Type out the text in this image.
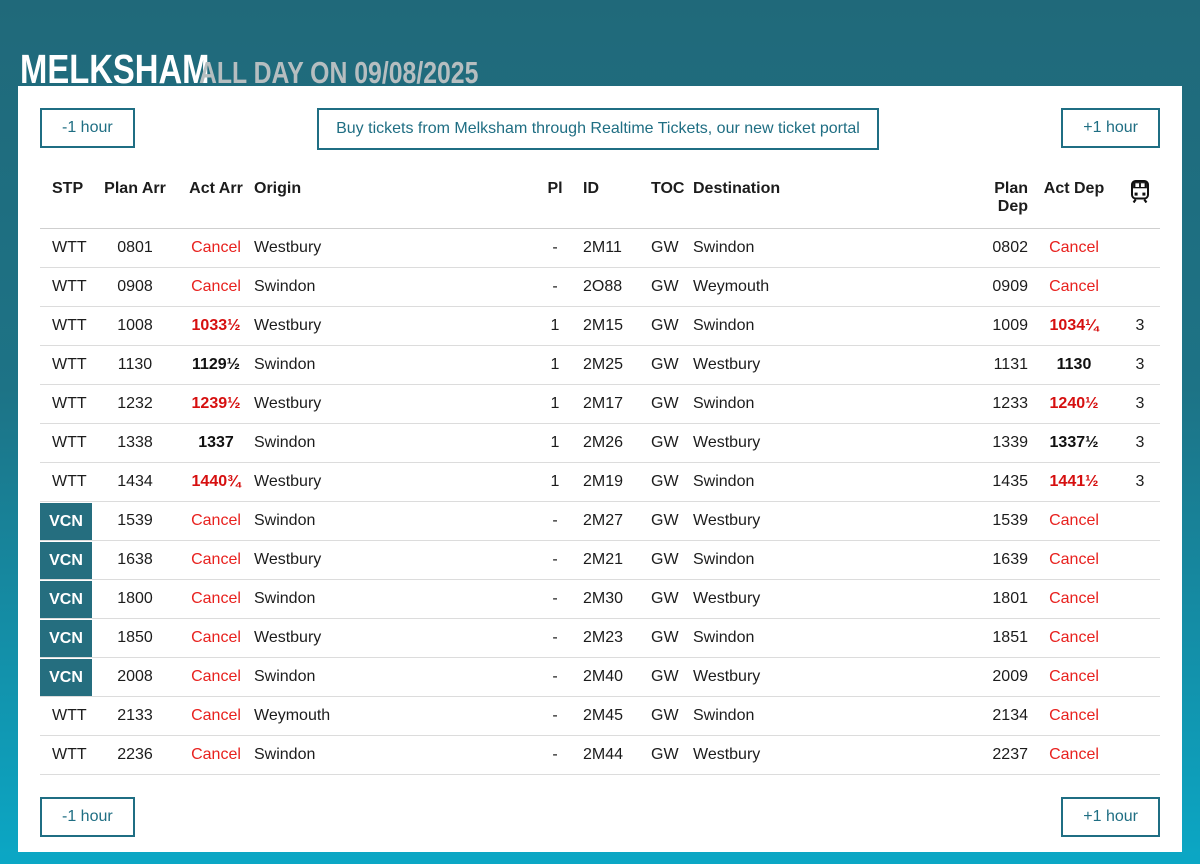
MELKSHAM
ALL DAY ON 09/08/2025
-1 hour	Buy tickets from Melksham through Realtime Tickets, our new ticket portal	+1 hour
STP	Plan Arr	Act Arr Origin	Pl	ID	TOC Destination	Plan
Dep
Act Dep
WTT	0801	Cancel Westbury	-	2M11	GW Swindon	0802	Cancel
WTT	0908	Cancel Swindon	-	2O88	GW Weymouth	0909	Cancel
WTT	1008	1033½ Westbury	1	2M15	GW Swindon	1009	1034¼	3
WTT	1130	1129½ Swindon	1	2M25	GW Westbury	1131	1130	3
WTT	1232	1239½ Westbury	1	2M17	GW Swindon	1233	1240½	3
WTT	1338	1337	Swindon	1	2M26	GW Westbury	1339	1337½	3
WTT	1434	1440¾ Westbury	1	2M19	GW Swindon	1435	1441½	3
VCN	1539	Cancel Swindon	-	2M27	GW Westbury	1539	Cancel
VCN	1638	Cancel Westbury	-	2M21	GW Swindon	1639	Cancel
VCN	1800	Cancel Swindon	-	2M30	GW Westbury	1801	Cancel
VCN	1850	Cancel Westbury	-	2M23	GW Swindon	1851	Cancel
VCN	2008	Cancel Swindon	-	2M40	GW Westbury	2009	Cancel
WTT	2133	Cancel Weymouth	-	2M45	GW Swindon	2134	Cancel
WTT	2236	Cancel Swindon	-	2M44	GW Westbury	2237	Cancel
-1 hour	+1 hour
